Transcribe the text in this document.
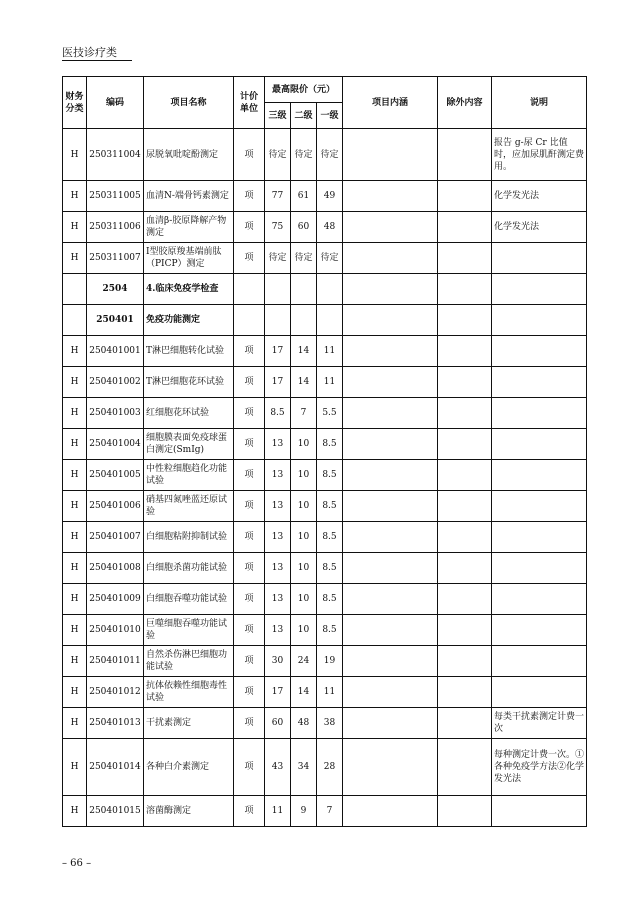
医技诊疗类
财务分类	编码	项目名称	计价单位	最高限价（元）			项目内涵	除外内容	说明
				三级	二级	一级			
H	250311004	尿脱氧吡啶酚测定	项	待定	待定	待定			报告 g-尿 Cr 比值时，应加尿肌酐测定费用。
H	250311005	血清N-端骨钙素测定	项	77	61	49			化学发光法
H	250311006	血清β-胶原降解产物测定	项	75	60	48			化学发光法
H	250311007	Ⅰ型胶原羧基端前肽（PICP）测定	项	待定	待定	待定			
	2504	4.临床免疫学检查							
	250401	免疫功能测定							
H	250401001	T淋巴细胞转化试验	项	17	14	11			
H	250401002	T淋巴细胞花环试验	项	17	14	11			
H	250401003	红细胞花环试验	项	8.5	7	5.5			
H	250401004	细胞膜表面免疫球蛋白测定(SmIg)	项	13	10	8.5			
H	250401005	中性粒细胞趋化功能试验	项	13	10	8.5			
H	250401006	硝基四氮唑蓝还原试验	项	13	10	8.5			
H	250401007	白细胞粘附抑制试验	项	13	10	8.5			
H	250401008	白细胞杀菌功能试验	项	13	10	8.5			
H	250401009	白细胞吞噬功能试验	项	13	10	8.5			
H	250401010	巨噬细胞吞噬功能试验	项	13	10	8.5			
H	250401011	自然杀伤淋巴细胞功能试验	项	30	24	19			
H	250401012	抗体依赖性细胞毒性试验	项	17	14	11			
H	250401013	干扰素测定	项	60	48	38			每类干扰素测定计费一次
H	250401014	各种白介素测定	项	43	34	28			每种测定计费一次。①各种免疫学方法②化学发光法
H	250401015	溶菌酶测定	项	11	9	7			
– 66 –
